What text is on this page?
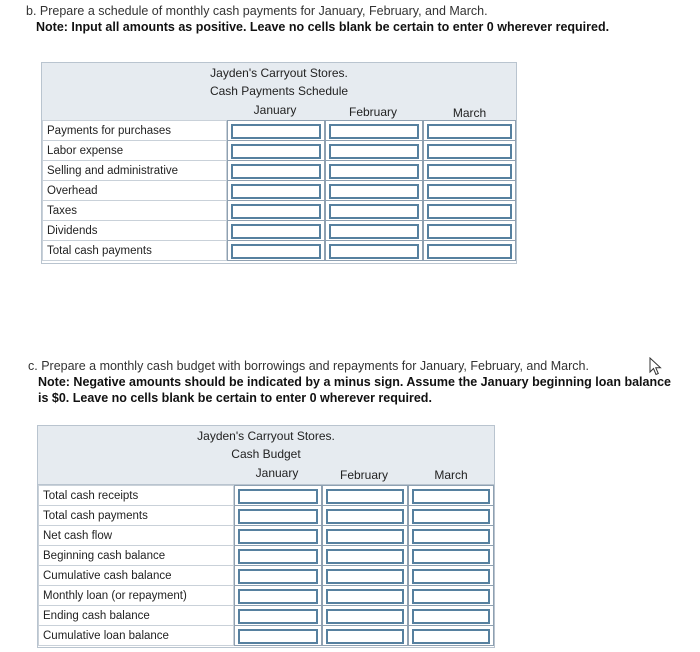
b. Prepare a schedule of monthly cash payments for January, February, and March.
Note: Input all amounts as positive. Leave no cells blank be certain to enter 0 wherever required.
Jayden's Carryout Stores.
Cash Payments Schedule
January	February	March
Payments for purchases
Labor expense
Selling and administrative
Overhead
Taxes
Dividends
Total cash payments
c. Prepare a monthly cash budget with borrowings and repayments for January, February, and March.
Note: Negative amounts should be indicated by a minus sign. Assume the January beginning loan balance
is $0. Leave no cells blank be certain to enter 0 wherever required.
Jayden's Carryout Stores.
Cash Budget
January	February	March
Total cash receipts
Total cash payments
Net cash flow
Beginning cash balance
Cumulative cash balance
Monthly loan (or repayment)
Ending cash balance
Cumulative loan balance
